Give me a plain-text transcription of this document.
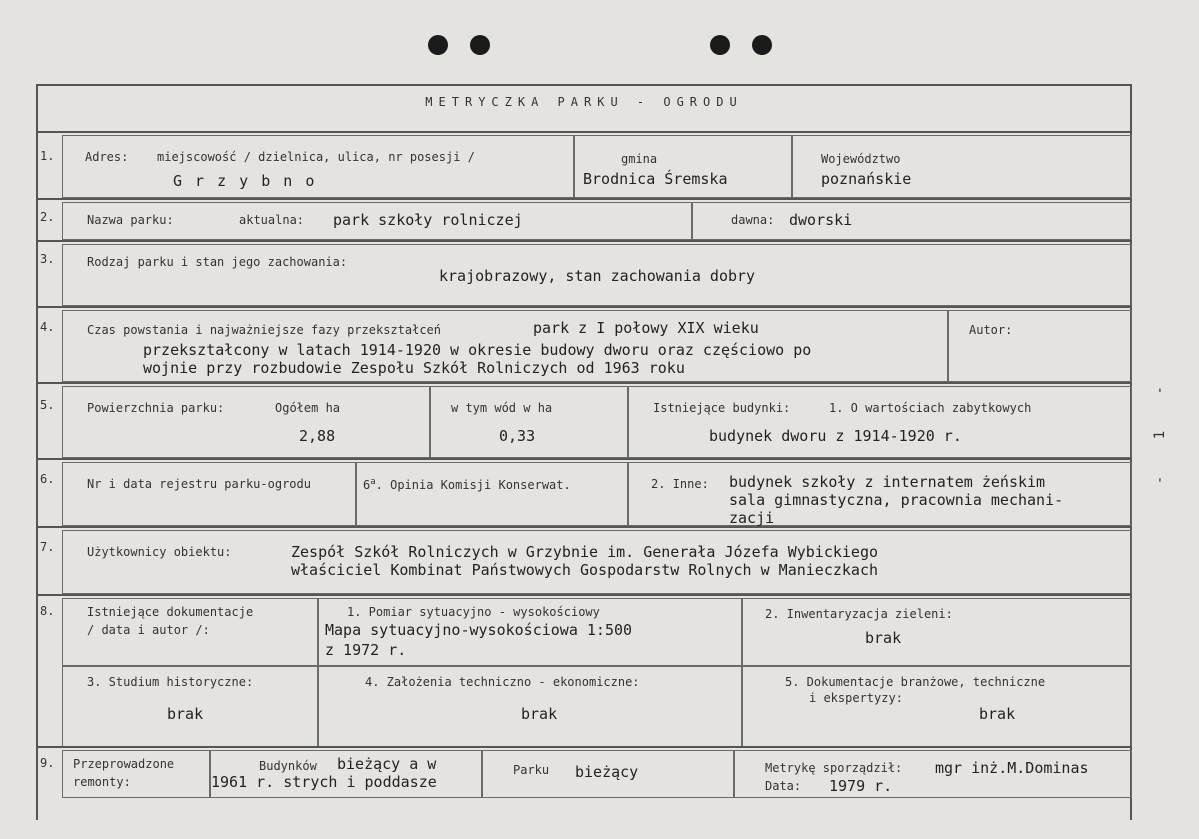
METRYCZKA PARKU - OGRODU
1.	Adres: miejscowość / dzielnica, ulica, nr posesji /
G r z y b n o
gmina
Brodnica Śremska
Województwo
poznańskie
2.	Nazwa parku:	aktualna: park szkoły rolniczej	dawna: dworski
3.	Rodzaj parku i stan jego zachowania:
krajobrazowy, stan zachowania dobry
4.	Czas powstania i najważniejsze fazy przekształceń	park z I połowy XIX wieku
przekształcony w latach 1914-1920 w okresie budowy dworu oraz częściowo po
wojnie przy rozbudowie Zespołu Szkół Rolniczych od 1963 roku
Autor:
5.	Powierzchnia parku:	Ogółem ha
2,88
w tym wód w ha
0,33
Istniejące budynki:	1. O wartościach zabytkowych
budynek dworu z 1914-1920 r.
6.	Nr i data rejestru parku-ogrodu	6$^a$. Opinia Komisji Konserwat.	2. Inne: budynek szkoły z internatem żeńskim
sala gimnastyczna, pracownia mechani-
zacji
7.	Użytkownicy obiektu:	Zespół Szkół Rolniczych w Grzybnie im. Generała Józefa Wybickiego
właściciel Kombinat Państwowych Gospodarstw Rolnych w Manieczkach
8.	Istniejące dokumentacje
/ data i autor /:
1. Pomiar sytuacyjno - wysokościowy
Mapa sytuacyjno-wysokościowa 1:500
z 1972 r.
2. Inwentaryzacja zieleni:
brak
3. Studium historyczne:
brak
4. Założenia techniczno - ekonomiczne:
brak
5. Dokumentacje branżowe, techniczne
i ekspertyzy:
brak
9. Przeprowadzone
remonty:
Budynków bieżący a w
1961 r. strych i poddasze
Parku bieżący	Metrykę sporządził: mgr inż.M.Dominas
Data: 1979 r.
- 1 -
